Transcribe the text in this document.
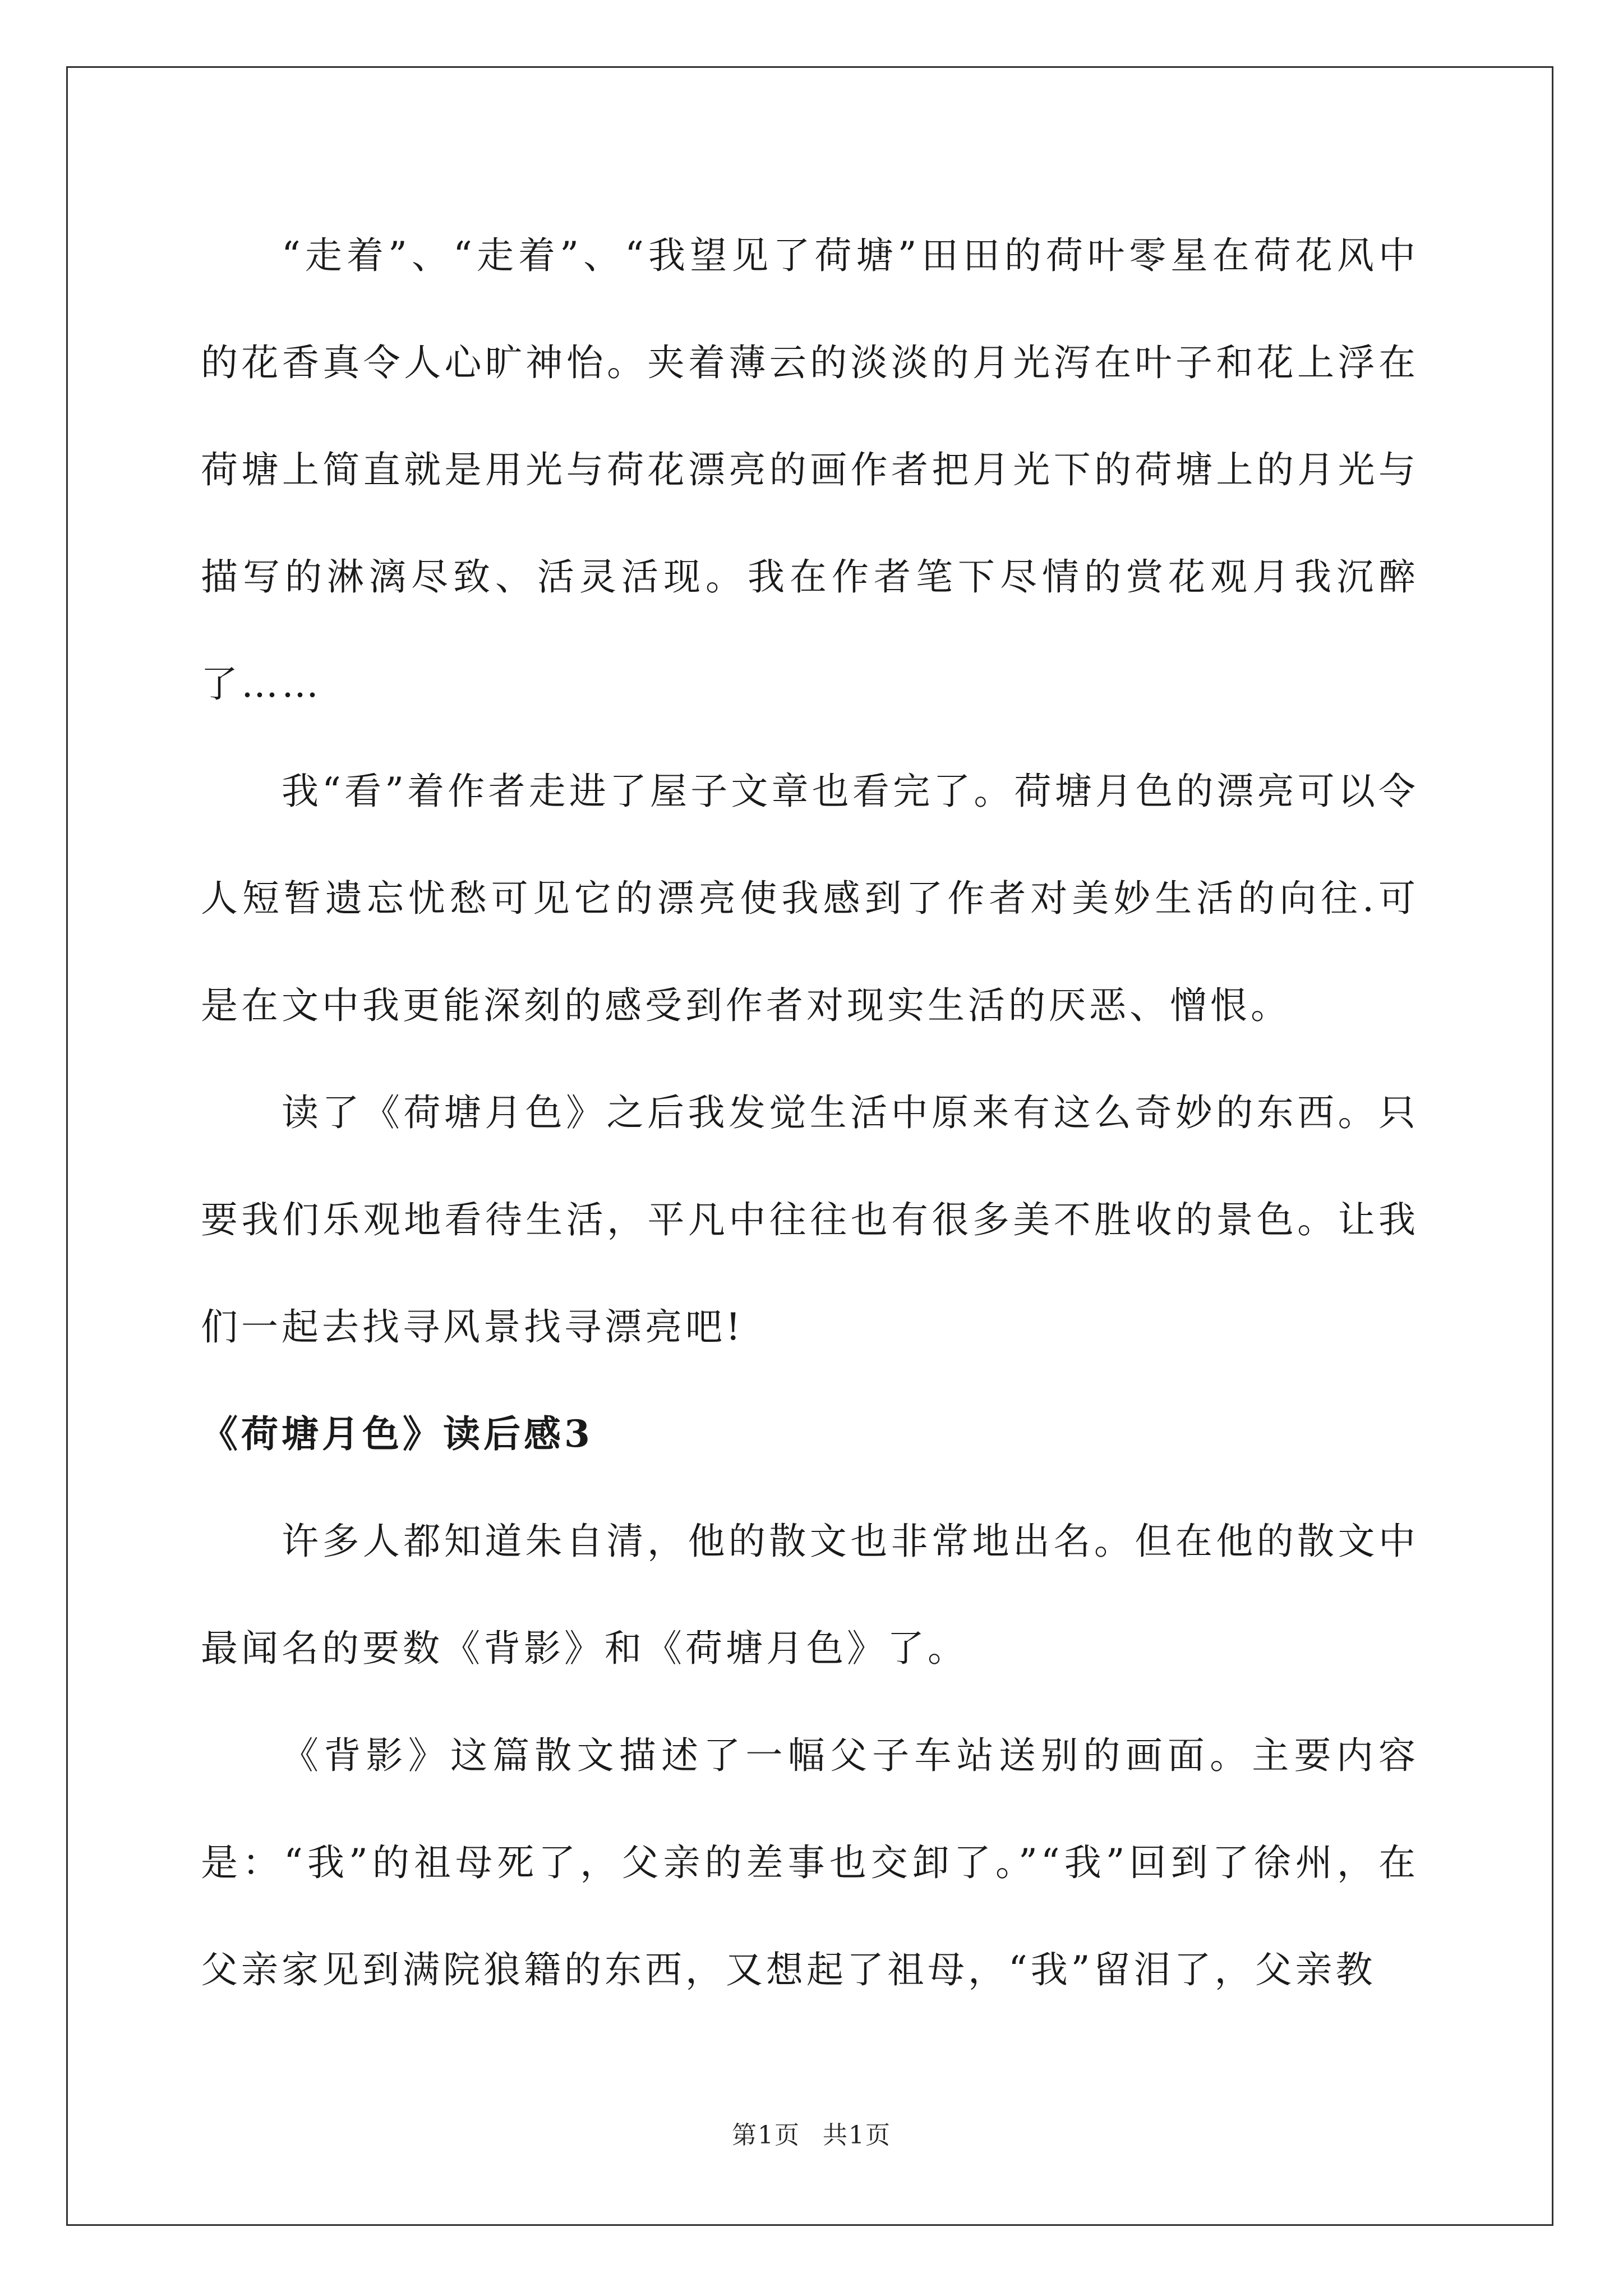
“走着”、“走着”、“我望见了荷塘”田田的荷叶零星在荷花风中的花香真令人心旷神怡。夹着薄云的淡淡的月光泻在叶子和花上浮在荷塘上简直就是用光与荷花漂亮的画作者把月光下的荷塘上的月光与描写的淋漓尽致、活灵活现。我在作者笔下尽情的赏花观月我沉醉了……

我“看”着作者走进了屋子文章也看完了。荷塘月色的漂亮可以令人短暂遗忘忧愁可见它的漂亮使我感到了作者对美妙生活的向往.可是在文中我更能深刻的感受到作者对现实生活的厌恶、憎恨。

读了《荷塘月色》之后我发觉生活中原来有这么奇妙的东西。只要我们乐观地看待生活，平凡中往往也有很多美不胜收的景色。让我们一起去找寻风景找寻漂亮吧!

《荷塘月色》读后感3

许多人都知道朱自清，他的散文也非常地出名。但在他的散文中最闻名的要数《背影》和《荷塘月色》了。

《背影》这篇散文描述了一幅父子车站送别的画面。主要内容是：“我”的祖母死了，父亲的差事也交卸了。”“我”回到了徐州，在父亲家见到满院狼籍的东西，又想起了祖母，“我”留泪了，父亲教

第1页 共1页
